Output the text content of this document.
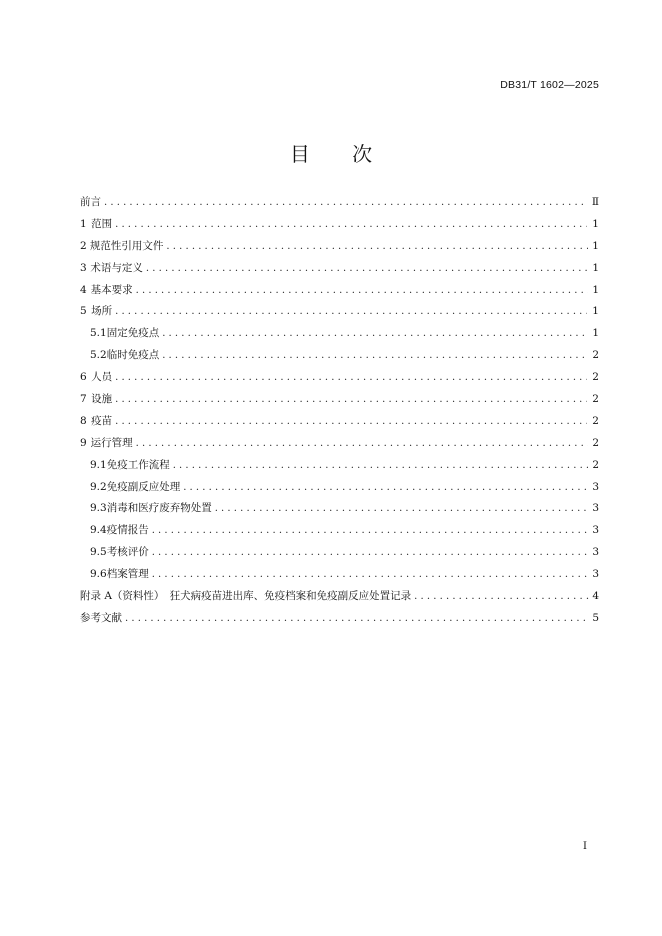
DB31/T 1602—2025
目 次
前言 . . .	Ⅱ
1 范围 . . .	1
2 规范性引用文件 . . .	1
3 术语与定义 . . .	1
4 基本要求 . . .	1
5 场所 . . .	1
5.1 固定免疫点 . . .	1
5.2 临时免疫点 . . .	2
6 人员 . . .	2
7 设施 . . .	2
8 疫苗 . . .	2
9 运行管理 . . .	2
9.1 免疫工作流程 . . .	2
9.2 免疫副反应处理 . . .	3
9.3 消毒和医疗废弃物处置 . . .	3
9.4 疫情报告 . . .	3
9.5 考核评价 . . .	3
9.6 档案管理 . . .	3
附录 A（资料性）　狂犬病疫苗进出库、免疫档案和免疫副反应处置记录 . . .	4
参考文献 . . .	5
I
